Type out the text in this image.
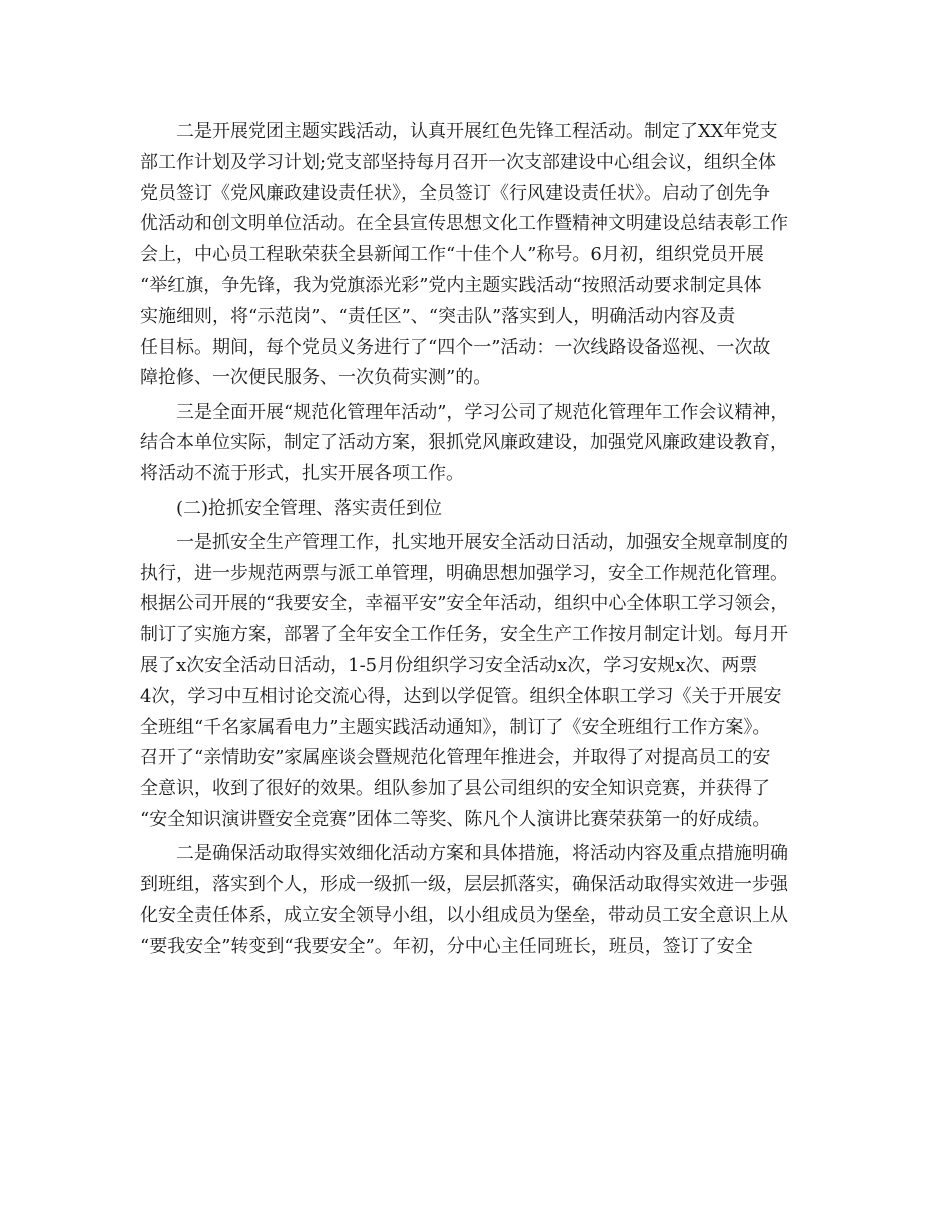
二是开展党团主题实践活动，认真开展红色先锋工程活动。制定了XX年党支
部工作计划及学习计划;党支部坚持每月召开一次支部建设中心组会议，组织全体
党员签订《党风廉政建设责任状》，全员签订《行风建设责任状》。启动了创先争
优活动和创文明单位活动。在全县宣传思想文化工作暨精神文明建设总结表彰工作
会上，中心员工程耿荣获全县新闻工作“十佳个人”称号。6月初，组织党员开展
“举红旗，争先锋，我为党旗添光彩”党内主题实践活动“按照活动要求制定具体
实施细则，将“示范岗”、“责任区”、“突击队”落实到人，明确活动内容及责
任目标。期间，每个党员义务进行了“四个一”活动：一次线路设备巡视、一次故
障抢修、一次便民服务、一次负荷实测”的。
三是全面开展“规范化管理年活动”，学习公司了规范化管理年工作会议精神，
结合本单位实际，制定了活动方案，狠抓党风廉政建设，加强党风廉政建设教育，
将活动不流于形式，扎实开展各项工作。
(二)抢抓安全管理、落实责任到位
一是抓安全生产管理工作，扎实地开展安全活动日活动，加强安全规章制度的
执行，进一步规范两票与派工单管理，明确思想加强学习，安全工作规范化管理。
根据公司开展的“我要安全，幸福平安”安全年活动，组织中心全体职工学习领会，
制订了实施方案，部署了全年安全工作任务，安全生产工作按月制定计划。每月开
展了x次安全活动日活动，1-5月份组织学习安全活动x次，学习安规x次、两票
4次，学习中互相讨论交流心得，达到以学促管。组织全体职工学习《关于开展安
全班组“千名家属看电力”主题实践活动通知》，制订了《安全班组行工作方案》。
召开了“亲情助安”家属座谈会暨规范化管理年推进会，并取得了对提高员工的安
全意识，收到了很好的效果。组队参加了县公司组织的安全知识竞赛，并获得了
“安全知识演讲暨安全竞赛”团体二等奖、陈凡个人演讲比赛荣获第一的好成绩。
二是确保活动取得实效细化活动方案和具体措施，将活动内容及重点措施明确
到班组，落实到个人，形成一级抓一级，层层抓落实，确保活动取得实效进一步强
化安全责任体系，成立安全领导小组，以小组成员为堡垒，带动员工安全意识上从
“要我安全”转变到“我要安全”。年初，分中心主任同班长，班员，签订了安全
